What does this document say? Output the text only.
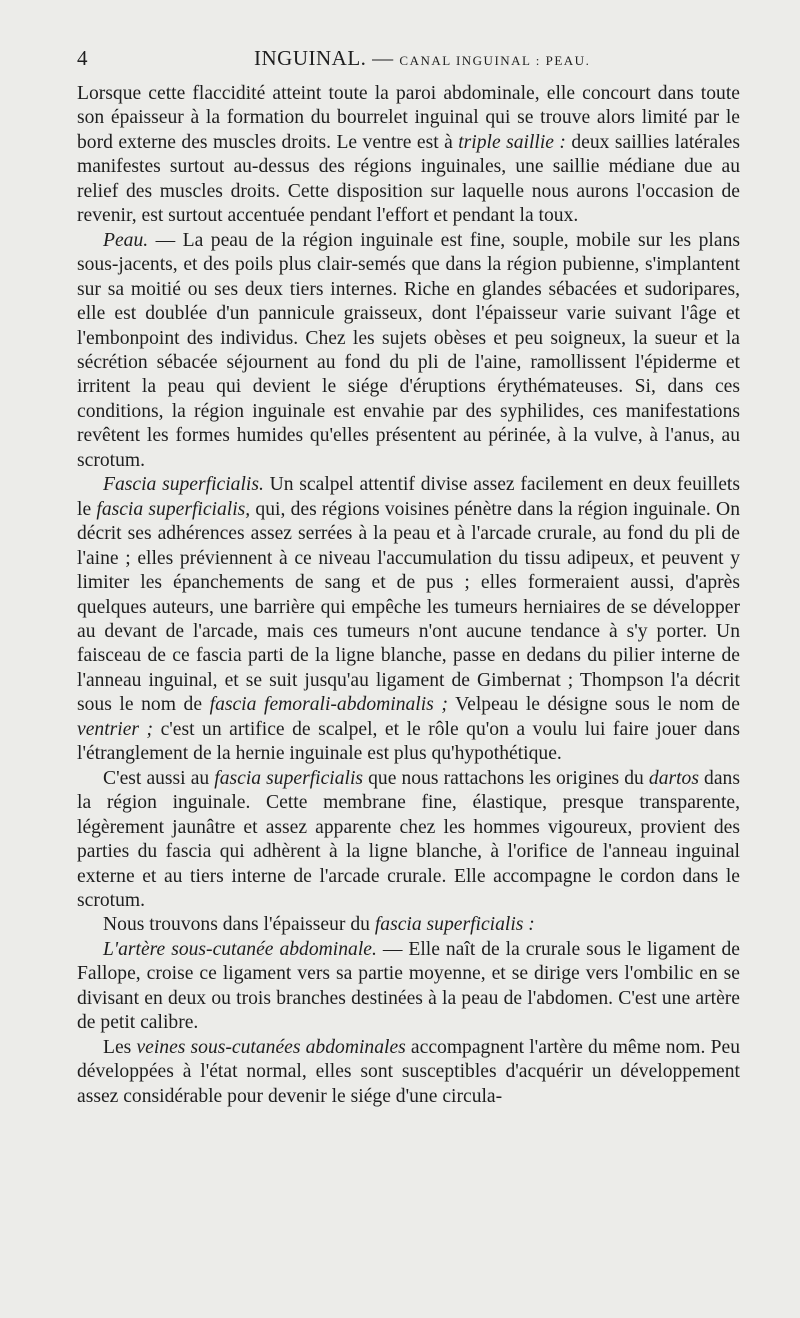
4	INGUINAL. — CANAL INGUINAL : PEAU.

Lorsque cette flaccidité atteint toute la paroi abdominale, elle concourt dans toute son épaisseur à la formation du bourrelet inguinal qui se trouve alors limité par le bord externe des muscles droits. Le ventre est à triple saillie : deux saillies latérales manifestes surtout au-dessus des régions inguinales, une saillie médiane due au relief des muscles droits. Cette disposition sur laquelle nous aurons l'occasion de revenir, est surtout accentuée pendant l'effort et pendant la toux.

Peau. — La peau de la région inguinale est fine, souple, mobile sur les plans sous-jacents, et des poils plus clair-semés que dans la région pubienne, s'implantent sur sa moitié ou ses deux tiers internes. Riche en glandes sébacées et sudoripares, elle est doublée d'un pannicule graisseux, dont l'épaisseur varie suivant l'âge et l'embonpoint des individus. Chez les sujets obèses et peu soigneux, la sueur et la sécrétion sébacée séjournent au fond du pli de l'aine, ramollissent l'épiderme et irritent la peau qui devient le siége d'éruptions érythémateuses. Si, dans ces conditions, la région inguinale est envahie par des syphilides, ces manifestations revêtent les formes humides qu'elles présentent au périnée, à la vulve, à l'anus, au scrotum.

Fascia superficialis. Un scalpel attentif divise assez facilement en deux feuillets le fascia superficialis, qui, des régions voisines pénètre dans la région inguinale. On décrit ses adhérences assez serrées à la peau et à l'arcade crurale, au fond du pli de l'aine ; elles préviennent à ce niveau l'accumulation du tissu adipeux, et peuvent y limiter les épanchements de sang et de pus ; elles formeraient aussi, d'après quelques auteurs, une barrière qui empêche les tumeurs herniaires de se développer au devant de l'arcade, mais ces tumeurs n'ont aucune tendance à s'y porter. Un faisceau de ce fascia parti de la ligne blanche, passe en dedans du pilier interne de l'anneau inguinal, et se suit jusqu'au ligament de Gimbernat ; Thompson l'a décrit sous le nom de fascia femorali-abdominalis ; Velpeau le désigne sous le nom de ventrier ; c'est un artifice de scalpel, et le rôle qu'on a voulu lui faire jouer dans l'étranglement de la hernie inguinale est plus qu'hypothétique.

C'est aussi au fascia superficialis que nous rattachons les origines du dartos dans la région inguinale. Cette membrane fine, élastique, presque transparente, légèrement jaunâtre et assez apparente chez les hommes vigoureux, provient des parties du fascia qui adhèrent à la ligne blanche, à l'orifice de l'anneau inguinal externe et au tiers interne de l'arcade crurale. Elle accompagne le cordon dans le scrotum.

Nous trouvons dans l'épaisseur du fascia superficialis :

L'artère sous-cutanée abdominale. — Elle naît de la crurale sous le ligament de Fallope, croise ce ligament vers sa partie moyenne, et se dirige vers l'ombilic en se divisant en deux ou trois branches destinées à la peau de l'abdomen. C'est une artère de petit calibre.

Les veines sous-cutanées abdominales accompagnent l'artère du même nom. Peu développées à l'état normal, elles sont susceptibles d'acquérir un développement assez considérable pour devenir le siége d'une circula-
